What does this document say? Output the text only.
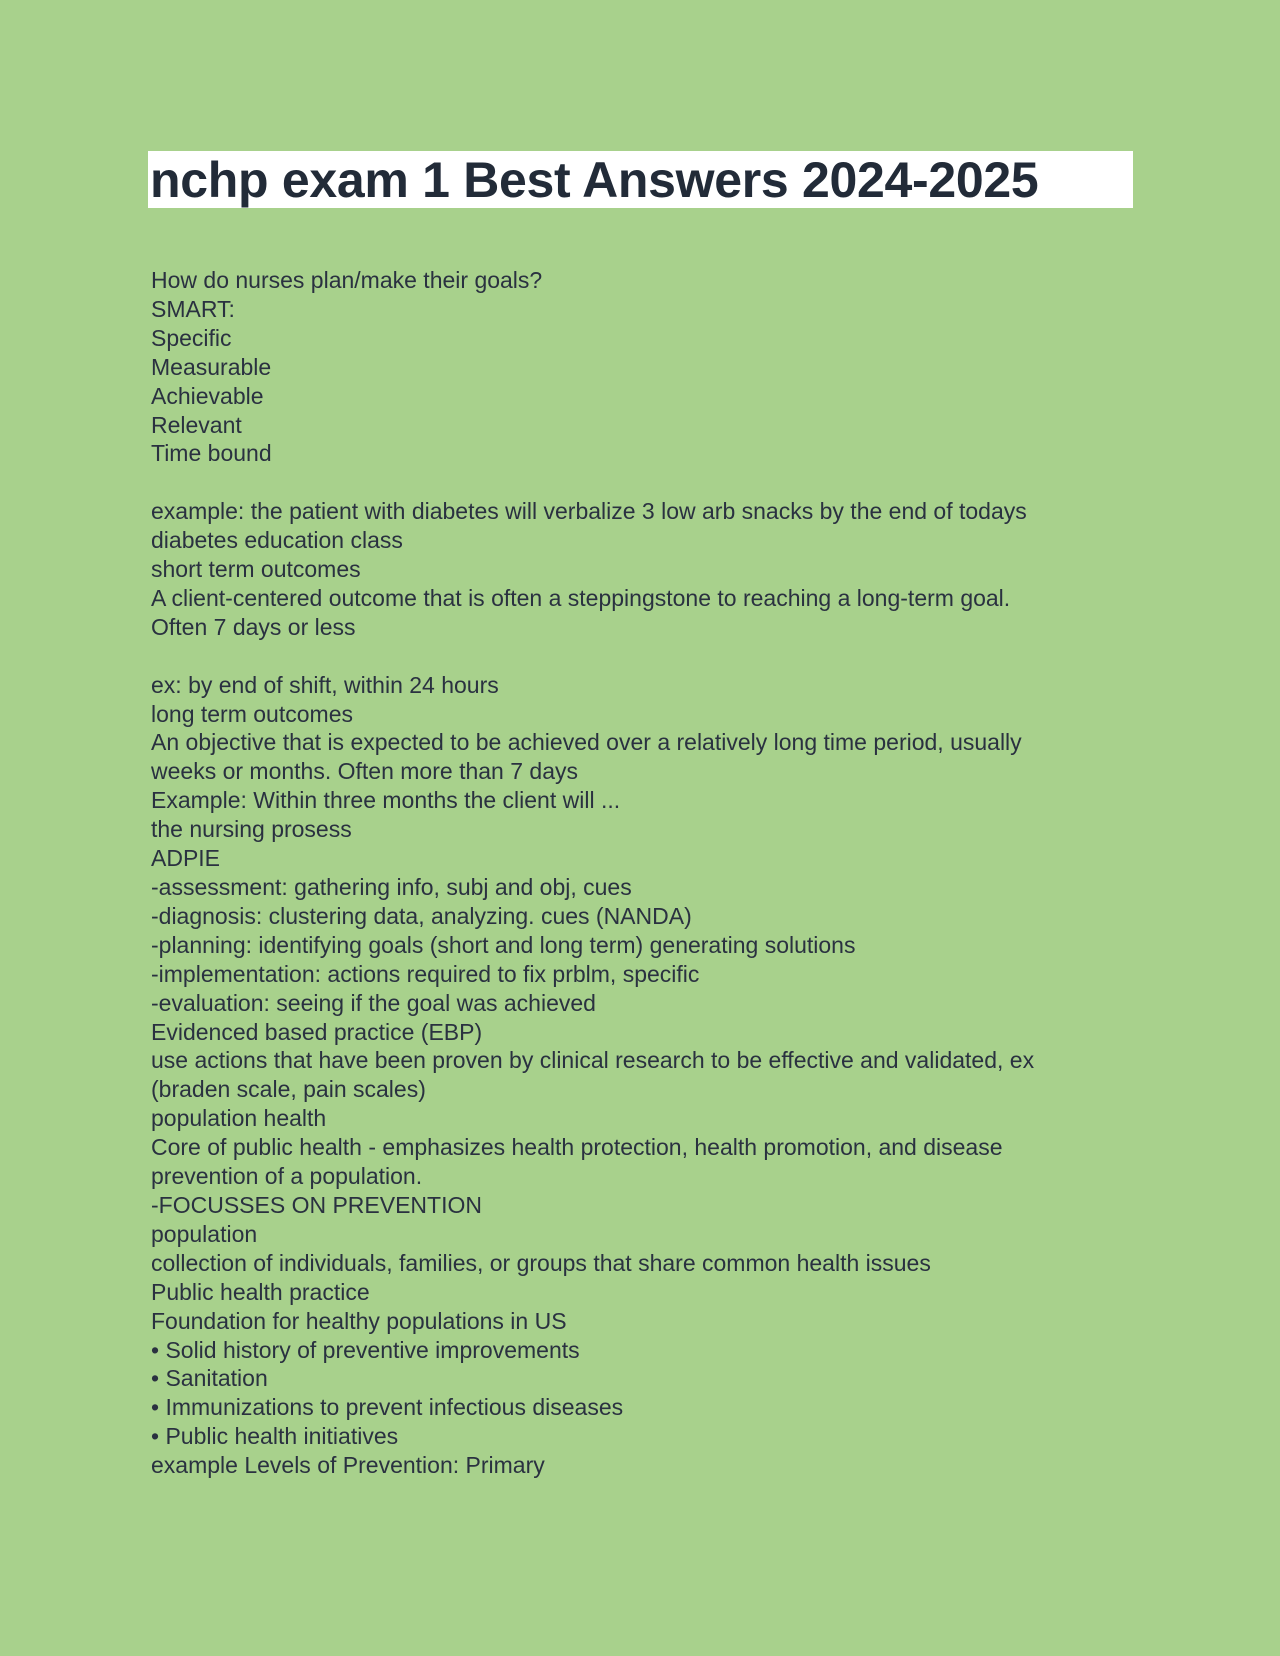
nchp exam 1 Best Answers 2024-2025
How do nurses plan/make their goals?
SMART:
Specific
Measurable
Achievable
Relevant
Time bound
example: the patient with diabetes will verbalize 3 low arb snacks by the end of todays
diabetes education class
short term outcomes
A client-centered outcome that is often a steppingstone to reaching a long-term goal.
Often 7 days or less
ex: by end of shift, within 24 hours
long term outcomes
An objective that is expected to be achieved over a relatively long time period, usually
weeks or months. Often more than 7 days
Example: Within three months the client will ...
the nursing prosess
ADPIE
-assessment: gathering info, subj and obj, cues
-diagnosis: clustering data, analyzing. cues (NANDA)
-planning: identifying goals (short and long term) generating solutions
-implementation: actions required to fix prblm, specific
-evaluation: seeing if the goal was achieved
Evidenced based practice (EBP)
use actions that have been proven by clinical research to be effective and validated, ex
(braden scale, pain scales)
population health
Core of public health - emphasizes health protection, health promotion, and disease
prevention of a population.
-FOCUSSES ON PREVENTION
population
collection of individuals, families, or groups that share common health issues
Public health practice
Foundation for healthy populations in US
• Solid history of preventive improvements
• Sanitation
• Immunizations to prevent infectious diseases
• Public health initiatives
example Levels of Prevention: Primary
